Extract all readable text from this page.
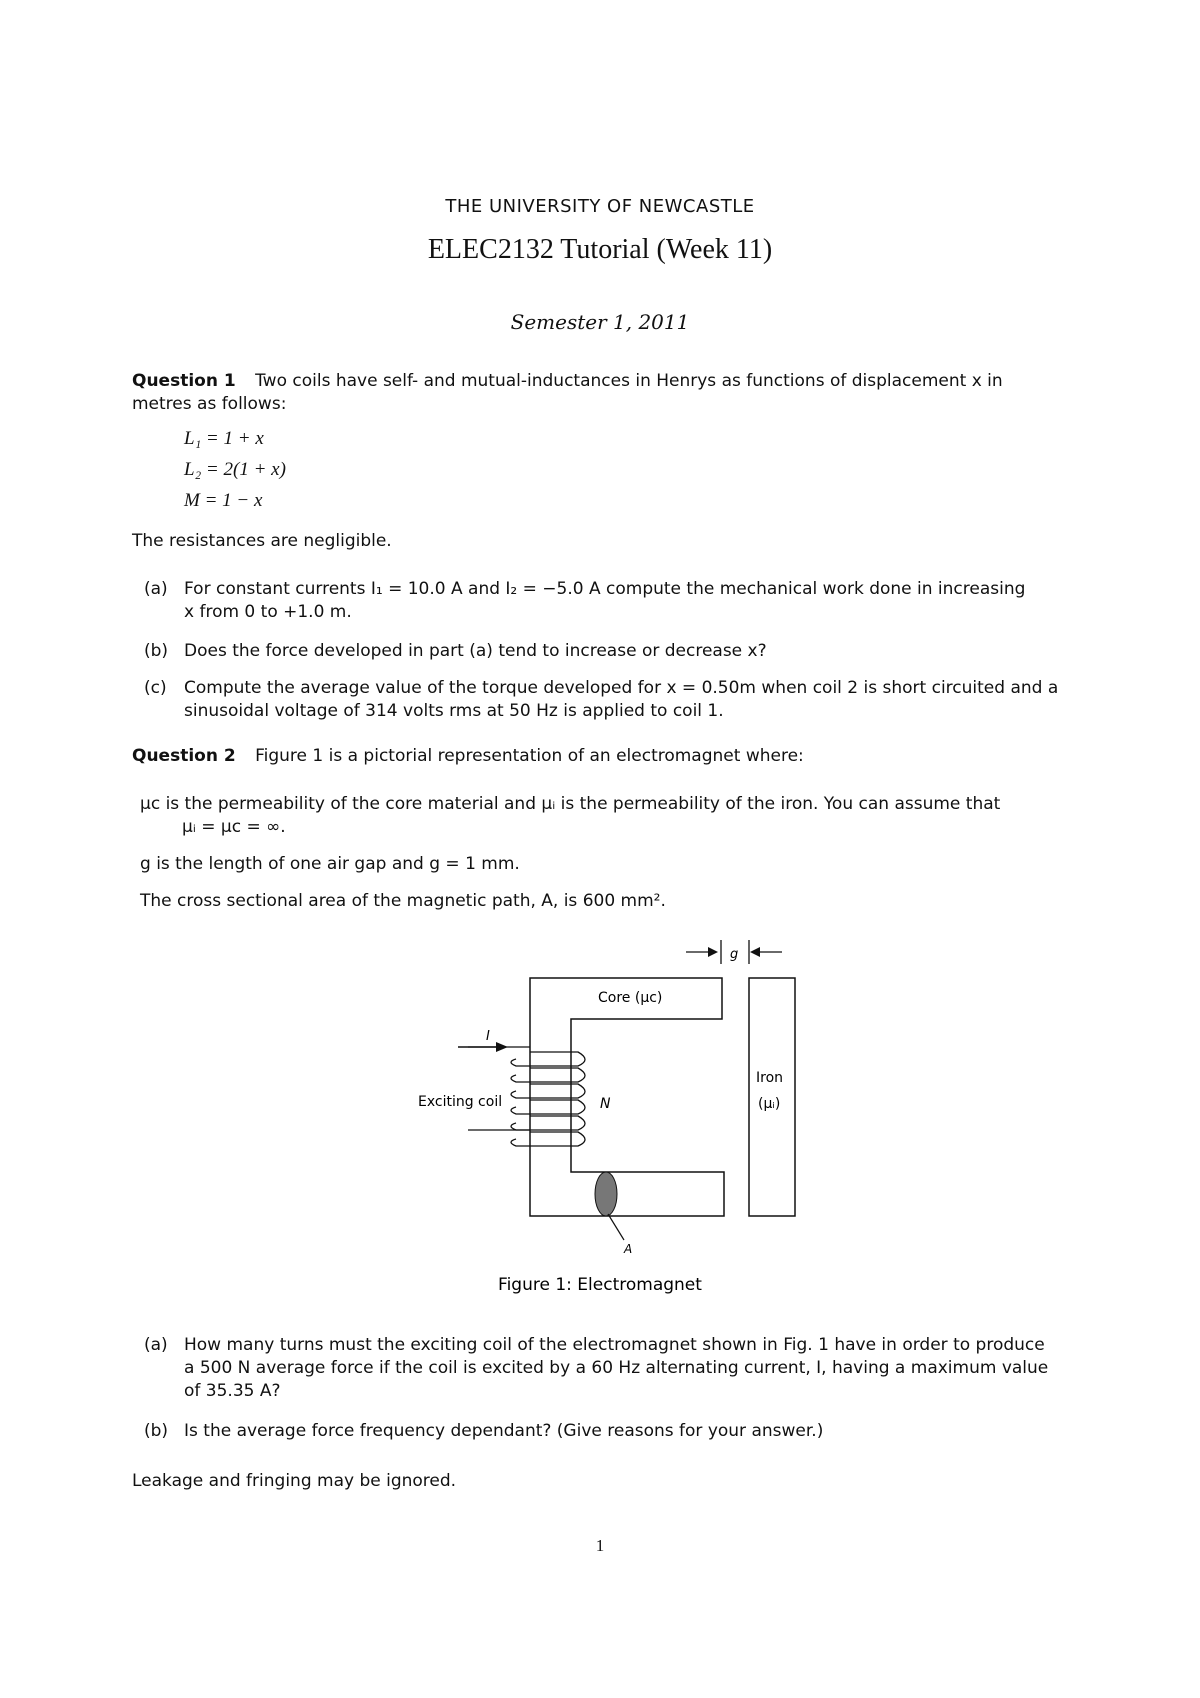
THE UNIVERSITY OF NEWCASTLE
ELEC2132 Tutorial (Week 11)
Semester 1, 2011
Question 1 Two coils have self- and mutual-inductances in Henrys as functions of displacement x in
metres as follows:
L₁ = 1 + x
L₂ = 2(1 + x)
M = 1 − x
The resistances are negligible.
(a) For constant currents I₁ = 10.0 A and I₂ = −5.0 A compute the mechanical work done in increasing
x from 0 to +1.0 m.
(b) Does the force developed in part (a) tend to increase or decrease x?
(c) Compute the average value of the torque developed for x = 0.50m when coil 2 is short circuited and a
sinusoidal voltage of 314 volts rms at 50 Hz is applied to coil 1.
Question 2 Figure 1 is a pictorial representation of an electromagnet where:
μᴄ is the permeability of the core material and μᵢ is the permeability of the iron. You can assume that
μᵢ = μᴄ = ∞.
g is the length of one air gap and g = 1 mm.
The cross sectional area of the magnetic path, A, is 600 mm².
g
Core (μᴄ)
I
Exciting coil	N
Iron
(μᵢ)
A
Figure 1: Electromagnet
(a) How many turns must the exciting coil of the electromagnet shown in Fig. 1 have in order to produce
a 500 N average force if the coil is excited by a 60 Hz alternating current, I, having a maximum value
of 35.35 A?
(b) Is the average force frequency dependant? (Give reasons for your answer.)
Leakage and fringing may be ignored.
1
